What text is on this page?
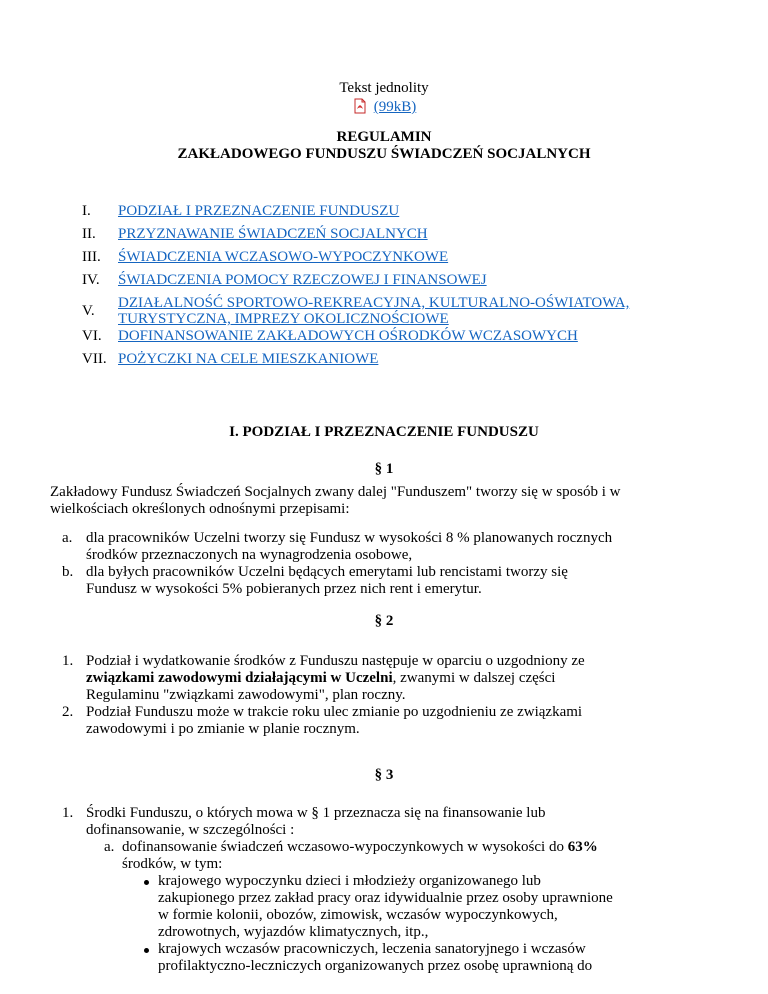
Tekst jednolity
(99kB)
REGULAMIN
ZAKŁADOWEGO FUNDUSZU ŚWIADCZEŃ SOCJALNYCH
I. PODZIAŁ I PRZEZNACZENIE FUNDUSZU
II. PRZYZNAWANIE ŚWIADCZEŃ SOCJALNYCH
III. ŚWIADCZENIA WCZASOWO-WYPOCZYNKOWE
IV. ŚWIADCZENIA POMOCY RZECZOWEJ I FINANSOWEJ
V. DZIAŁALNOŚĆ SPORTOWO-REKREACYJNA, KULTURALNO-OŚWIATOWA,
TURYSTYCZNA, IMPREZY OKOLICZNOŚCIOWE
VI. DOFINANSOWANIE ZAKŁADOWYCH OŚRODKÓW WCZASOWYCH
VII. POŻYCZKI NA CELE MIESZKANIOWE
I. PODZIAŁ I PRZEZNACZENIE FUNDUSZU
§ 1
Zakładowy Fundusz Świadczeń Socjalnych zwany dalej "Funduszem" tworzy się w sposób i w
wielkościach określonych odnośnymi przepisami:
a. dla pracowników Uczelni tworzy się Fundusz w wysokości 8 % planowanych rocznych
środków przeznaczonych na wynagrodzenia osobowe,
b. dla byłych pracowników Uczelni będących emerytami lub rencistami tworzy się
Fundusz w wysokości 5% pobieranych przez nich rent i emerytur.
§ 2
1. Podział i wydatkowanie środków z Funduszu następuje w oparciu o uzgodniony ze
związkami zawodowymi działającymi w Uczelni, zwanymi w dalszej części
Regulaminu "związkami zawodowymi", plan roczny.
2. Podział Funduszu może w trakcie roku ulec zmianie po uzgodnieniu ze związkami
zawodowymi i po zmianie w planie rocznym.
§ 3
1. Środki Funduszu, o których mowa w § 1 przeznacza się na finansowanie lub
dofinansowanie, w szczególności :
a. dofinansowanie świadczeń wczasowo-wypoczynkowych w wysokości do 63%
środków, w tym:
krajowego wypoczynku dzieci i młodzieży organizowanego lub
zakupionego przez zakład pracy oraz idywidualnie przez osoby uprawnione
w formie kolonii, obozów, zimowisk, wczasów wypoczynkowych,
zdrowotnych, wyjazdów klimatycznych, itp.,
krajowych wczasów pracowniczych, leczenia sanatoryjnego i wczasów
profilaktyczno-leczniczych organizowanych przez osobę uprawnioną do
